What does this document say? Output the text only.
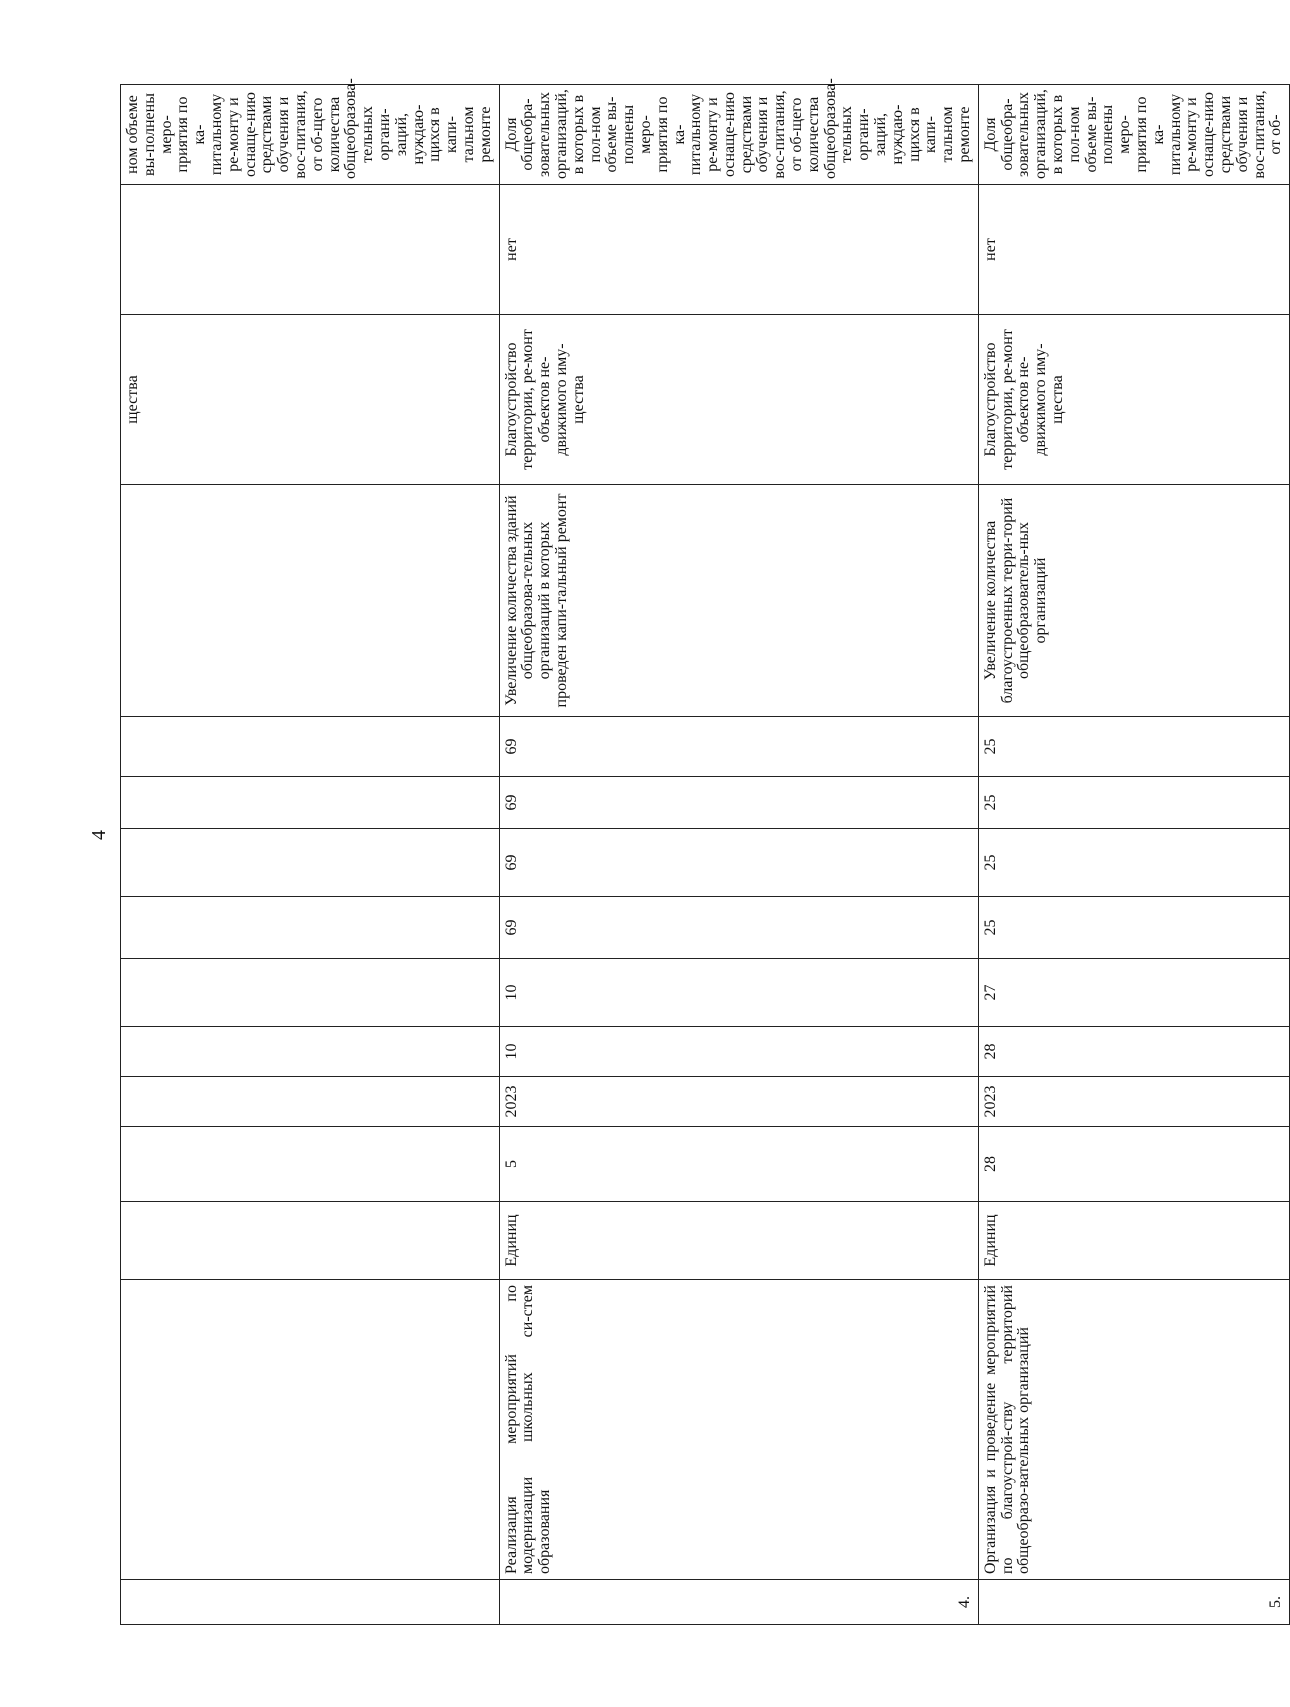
4
												щества		ном объеме вы-полнены меро-приятия по ка-питальному ре-монту и оснаще-нию средствами обучения и вос-питания, от об-щего количества общеобразова-тельных органи-заций, нуждаю-щихся в капи-тальном ремонте
4.	Реализация мероприятий по модернизации школьных си-стем образования	Единиц	5	2023	10	10	69	69	69	69	Увеличение количества зданий общеобразова-тельных организаций в которых проведен капи-тальный ремонт	Благоустройство территории, ре-монт объектов не-движимого иму-щества	нет	Доля общеобра-зовательных организаций, в которых в пол-ном объеме вы-полнены меро-приятия по ка-питальному ре-монту и оснаще-нию средствами обучения и вос-питания, от об-щего количества общеобразова-тельных органи-заций, нуждаю-щихся в капи-тальном ремонте
5.	Организация и проведение мероприятий по благоустрой-ству территорий общеобразо-вательных организаций	Единиц	28	2023	28	27	25	25	25	25	Увеличение количества благоустроенных терри-торий общеобразователь-ных организаций	Благоустройство территории, ре-монт объектов не-движимого иму-щества	нет	Доля общеобра-зовательных организаций, в которых в пол-ном объеме вы-полнены меро-приятия по ка-питальному ре-монту и оснаще-нию средствами обучения и вос-питания, от об-
